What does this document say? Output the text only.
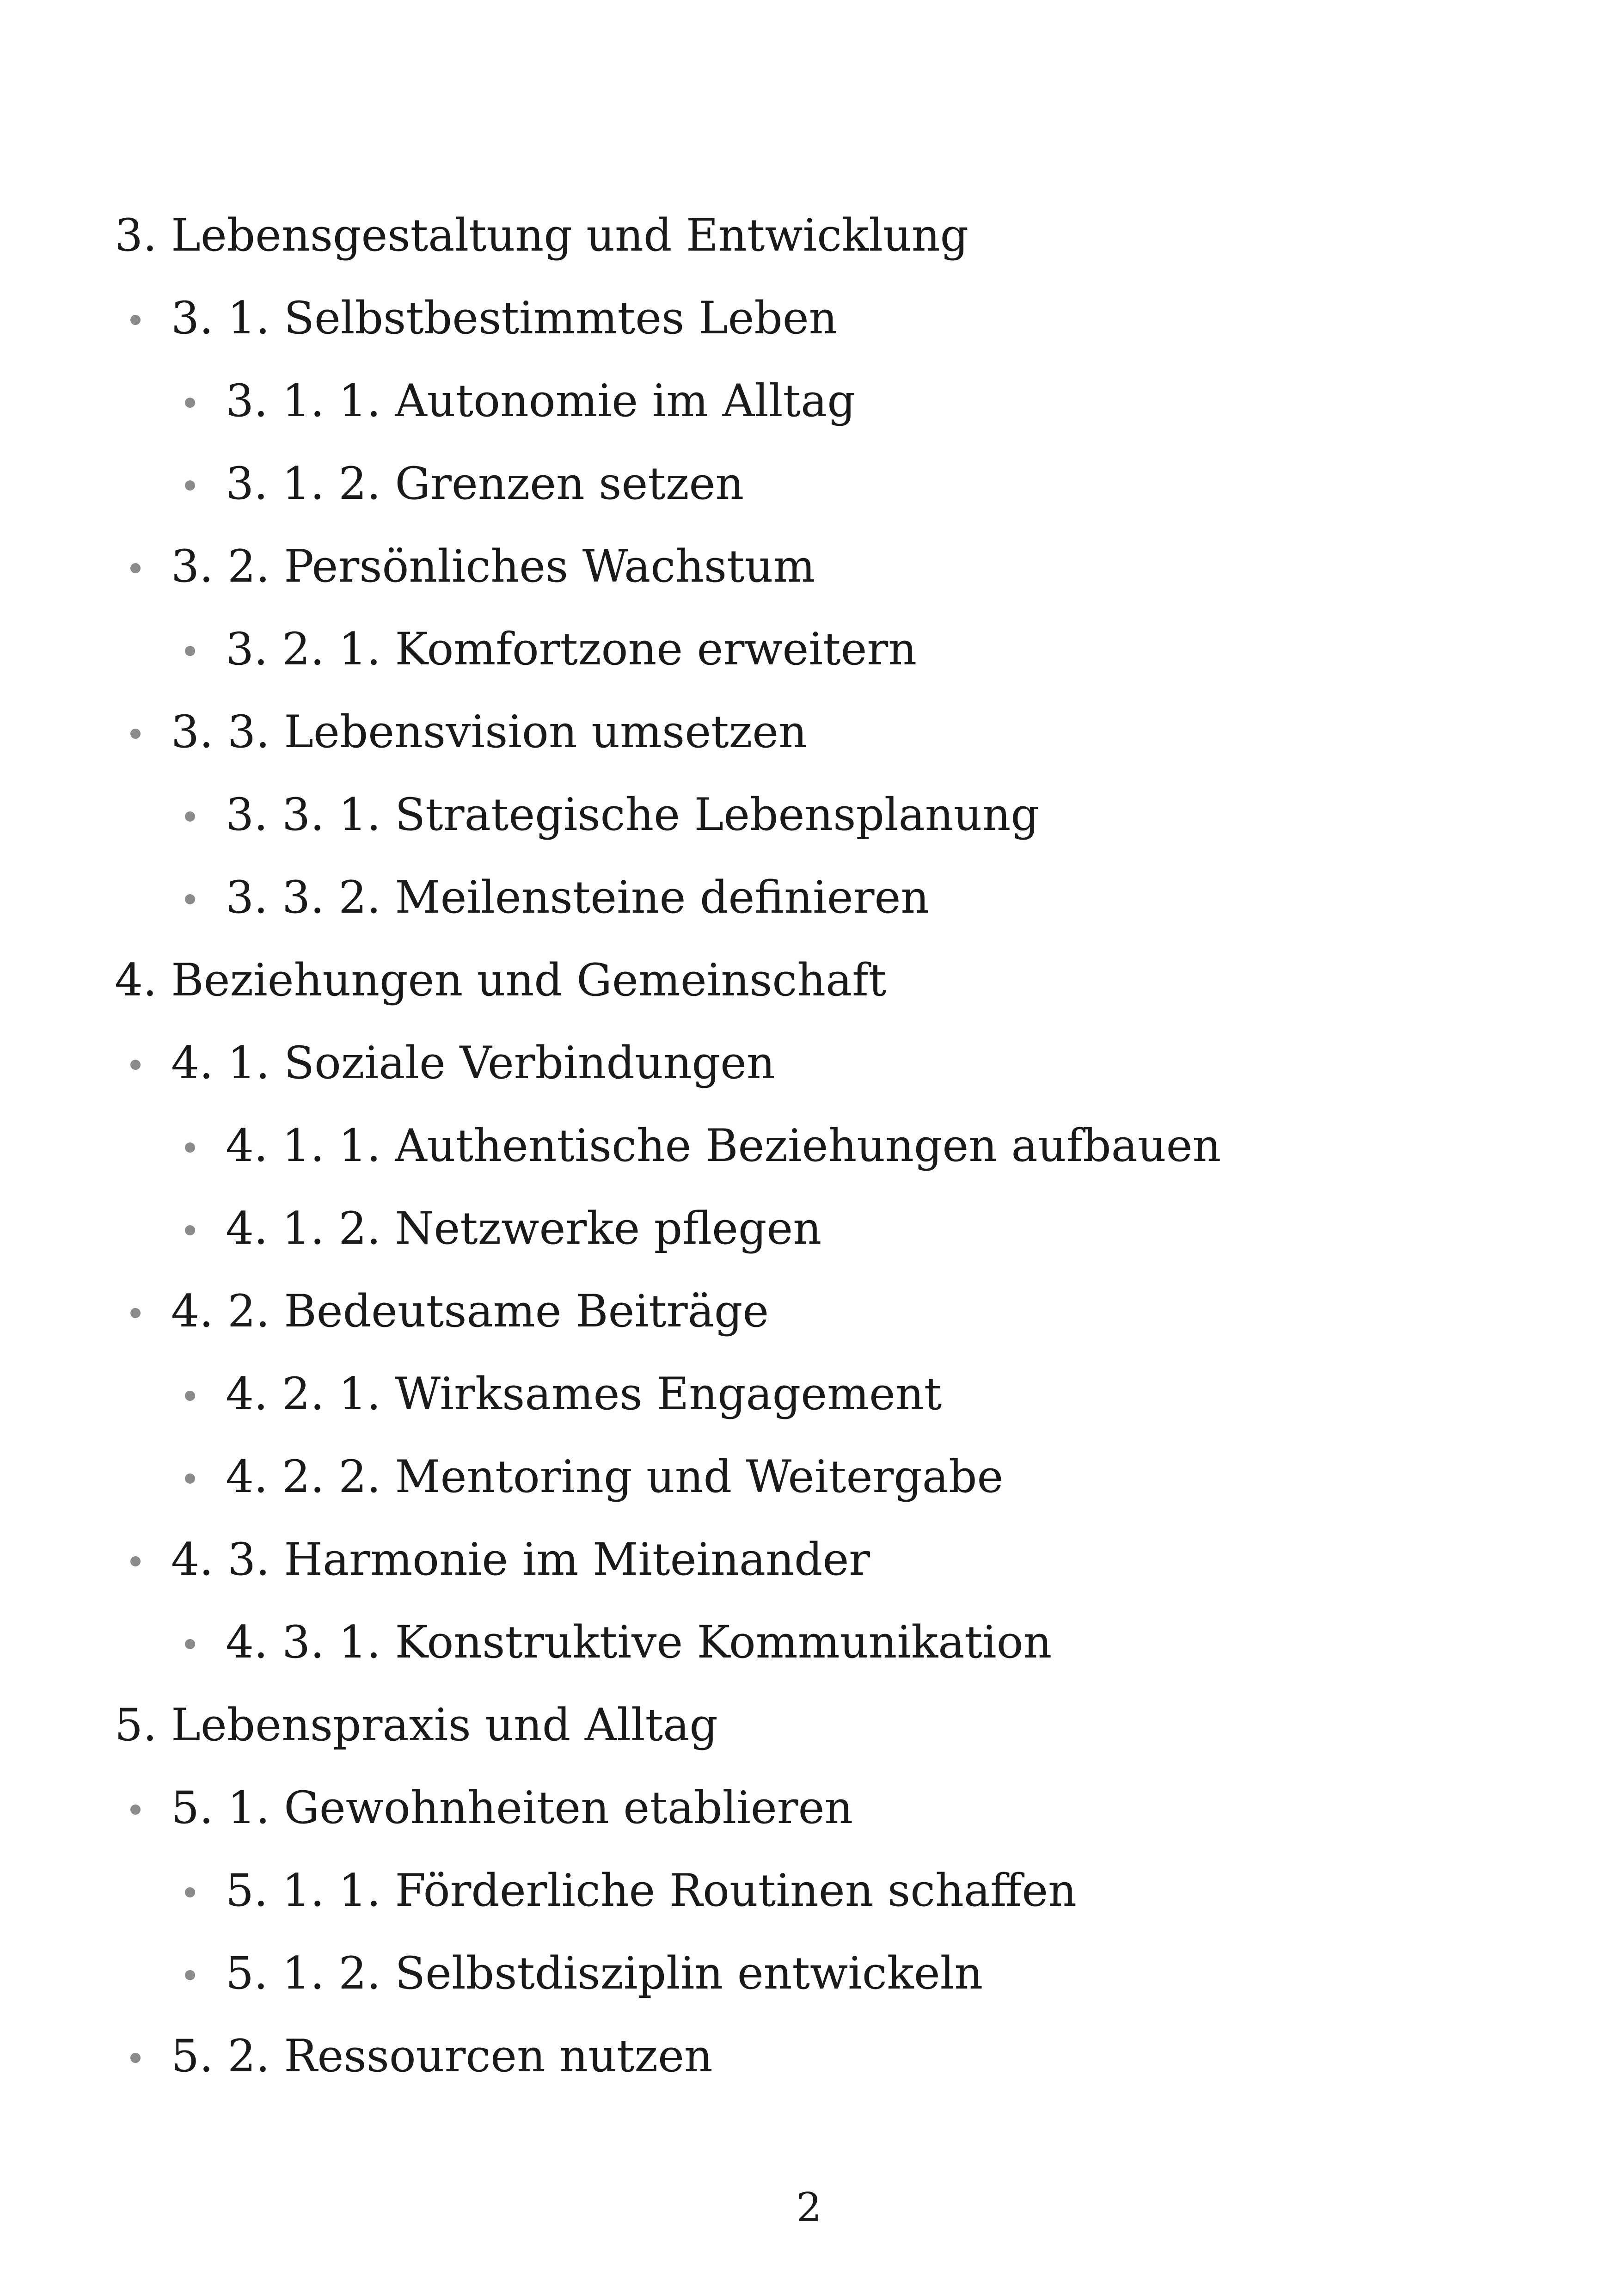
3. Lebensgestaltung und Entwicklung
3. 1. Selbstbestimmtes Leben
3. 1. 1. Autonomie im Alltag
3. 1. 2. Grenzen setzen
3. 2. Persönliches Wachstum
3. 2. 1. Komfortzone erweitern
3. 3. Lebensvision umsetzen
3. 3. 1. Strategische Lebensplanung
3. 3. 2. Meilensteine definieren
4. Beziehungen und Gemeinschaft
4. 1. Soziale Verbindungen
4. 1. 1. Authentische Beziehungen aufbauen
4. 1. 2. Netzwerke pflegen
4. 2. Bedeutsame Beiträge
4. 2. 1. Wirksames Engagement
4. 2. 2. Mentoring und Weitergabe
4. 3. Harmonie im Miteinander
4. 3. 1. Konstruktive Kommunikation
5. Lebenspraxis und Alltag
5. 1. Gewohnheiten etablieren
5. 1. 1. Förderliche Routinen schaffen
5. 1. 2. Selbstdisziplin entwickeln
5. 2. Ressourcen nutzen
2
